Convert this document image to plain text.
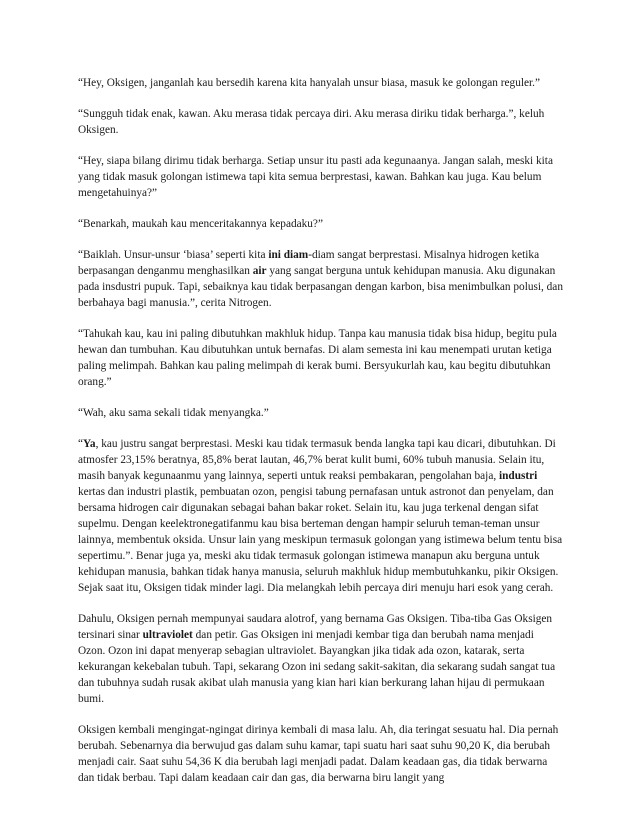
“Hey, Oksigen, janganlah kau bersedih karena kita hanyalah unsur biasa, masuk ke golongan reguler.”

“Sungguh tidak enak, kawan. Aku merasa tidak percaya diri. Aku merasa diriku tidak berharga.”, keluh Oksigen.

“Hey, siapa bilang dirimu tidak berharga. Setiap unsur itu pasti ada kegunaanya. Jangan salah, meski kita yang tidak masuk golongan istimewa tapi kita semua berprestasi, kawan. Bahkan kau juga. Kau belum mengetahuinya?”

“Benarkah, maukah kau menceritakannya kepadaku?”

“Baiklah. Unsur-unsur ‘biasa’ seperti kita ini diam-diam sangat berprestasi. Misalnya hidrogen ketika berpasangan denganmu menghasilkan air yang sangat berguna untuk kehidupan manusia. Aku digunakan pada insdustri pupuk. Tapi, sebaiknya kau tidak berpasangan dengan karbon, bisa menimbulkan polusi, dan berbahaya bagi manusia.”, cerita Nitrogen.

“Tahukah kau, kau ini paling dibutuhkan makhluk hidup. Tanpa kau manusia tidak bisa hidup, begitu pula hewan dan tumbuhan. Kau dibutuhkan untuk bernafas. Di alam semesta ini kau menempati urutan ketiga paling melimpah. Bahkan kau paling melimpah di kerak bumi. Bersyukurlah kau, kau begitu dibutuhkan orang.”

“Wah, aku sama sekali tidak menyangka.”

“Ya, kau justru sangat berprestasi. Meski kau tidak termasuk benda langka tapi kau dicari, dibutuhkan. Di atmosfer 23,15% beratnya, 85,8% berat lautan, 46,7% berat kulit bumi, 60% tubuh manusia. Selain itu, masih banyak kegunaanmu yang lainnya, seperti untuk reaksi pembakaran, pengolahan baja, industri kertas dan industri plastik, pembuatan ozon, pengisi tabung pernafasan untuk astronot dan penyelam, dan bersama hidrogen cair digunakan sebagai bahan bakar roket. Selain itu, kau juga terkenal dengan sifat supelmu. Dengan keelektronegatifanmu kau bisa berteman dengan hampir seluruh teman-teman unsur lainnya, membentuk oksida. Unsur lain yang meskipun termasuk golongan yang istimewa belum tentu bisa sepertimu.”. Benar juga ya, meski aku tidak termasuk golongan istimewa manapun aku berguna untuk kehidupan manusia, bahkan tidak hanya manusia, seluruh makhluk hidup membutuhkanku, pikir Oksigen. Sejak saat itu, Oksigen tidak minder lagi. Dia melangkah lebih percaya diri menuju hari esok yang cerah.

Dahulu, Oksigen pernah mempunyai saudara alotrof, yang bernama Gas Oksigen. Tiba-tiba Gas Oksigen tersinari sinar ultraviolet dan petir. Gas Oksigen ini menjadi kembar tiga dan berubah nama menjadi Ozon. Ozon ini dapat menyerap sebagian ultraviolet. Bayangkan jika tidak ada ozon, katarak, serta kekurangan kekebalan tubuh. Tapi, sekarang Ozon ini sedang sakit-sakitan, dia sekarang sudah sangat tua dan tubuhnya sudah rusak akibat ulah manusia yang kian hari kian berkurang lahan hijau di permukaan bumi.

Oksigen kembali mengingat-ngingat dirinya kembali di masa lalu. Ah, dia teringat sesuatu hal. Dia pernah berubah. Sebenarnya dia berwujud gas dalam suhu kamar, tapi suatu hari saat suhu 90,20 K, dia berubah menjadi cair. Saat suhu 54,36 K dia berubah lagi menjadi padat. Dalam keadaan gas, dia tidak berwarna dan tidak berbau. Tapi dalam keadaan cair dan gas, dia berwarna biru langit yang
